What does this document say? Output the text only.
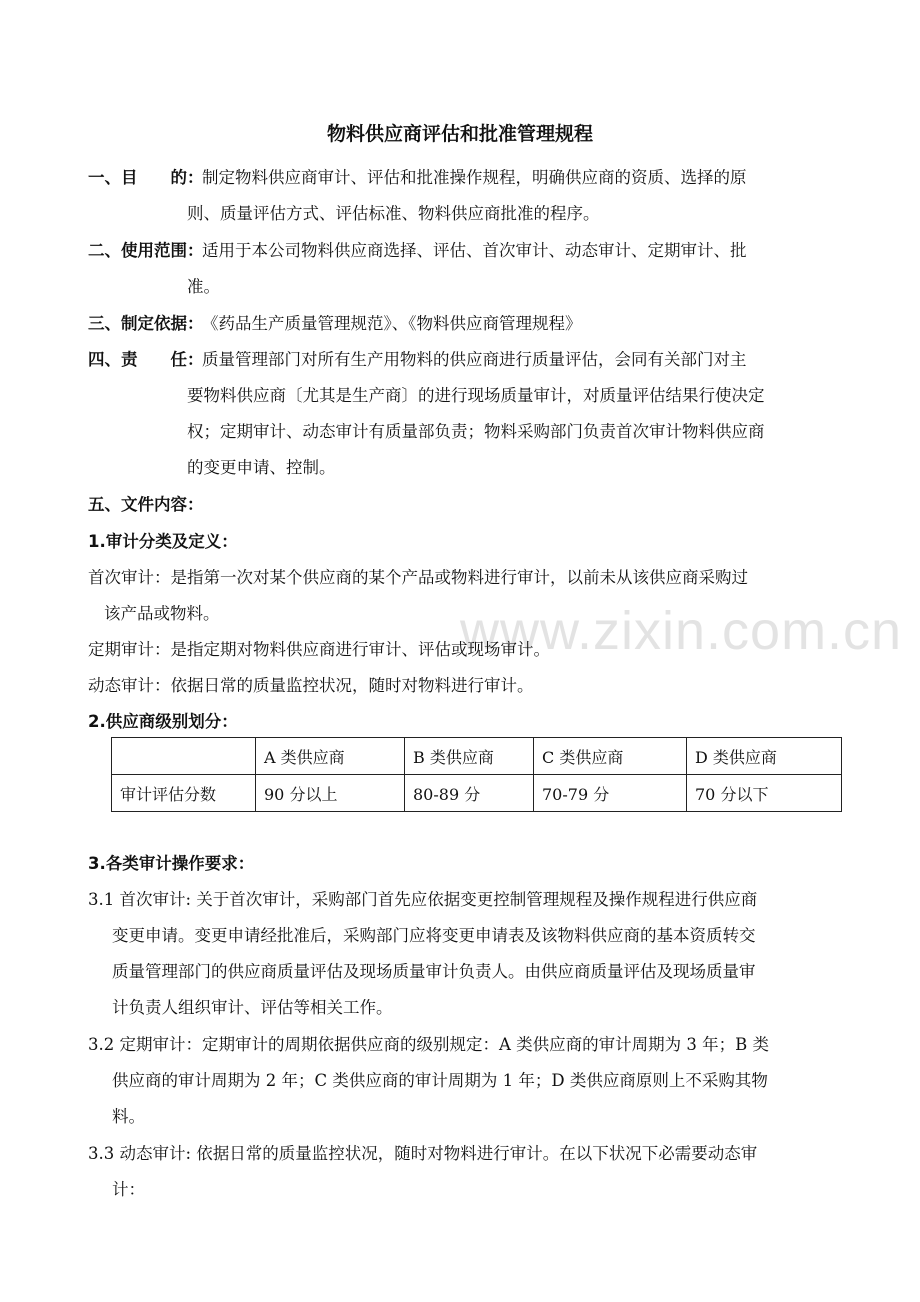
www.zixin.com.cn
物料供应商评估和批准管理规程
一、目　　的：
制定物料供应商审计、评估和批准操作规程，明确供应商的资质、选择的原
则、质量评估方式、评估标准、物料供应商批准的程序。
二、使用范围：
适用于本公司物料供应商选择、评估、首次审计、动态审计、定期审计、批
准。
三、制定依据：
《药品生产质量管理规范》、《物料供应商管理规程》
四、责　　任：
质量管理部门对所有生产用物料的供应商进行质量评估，会同有关部门对主
要物料供应商〔尤其是生产商〕的进行现场质量审计，对质量评估结果行使决定
权；定期审计、动态审计有质量部负责；物料采购部门负责首次审计物料供应商
的变更申请、控制。
五、文件内容：
1.审计分类及定义：
首次审计：是指第一次对某个供应商的某个产品或物料进行审计，以前未从该供应商采购过
该产品或物料。
定期审计：是指定期对物料供应商进行审计、评估或现场审计。
动态审计：依据日常的质量监控状况，随时对物料进行审计。
2.供应商级别划分：
	A 类供应商	B 类供应商	C 类供应商	D 类供应商
审计评估分数	90 分以上	80-89 分	70-79 分	70 分以下
3.各类审计操作要求：
3.1 首次审计: 关于首次审计，采购部门首先应依据变更控制管理规程及操作规程进行供应商
变更申请。变更申请经批准后，采购部门应将变更申请表及该物料供应商的基本资质转交
质量管理部门的供应商质量评估及现场质量审计负责人。由供应商质量评估及现场质量审
计负责人组织审计、评估等相关工作。
3.2 定期审计：定期审计的周期依据供应商的级别规定：A 类供应商的审计周期为 3 年；B 类
供应商的审计周期为 2 年；C 类供应商的审计周期为 1 年；D 类供应商原则上不采购其物
料。
3.3 动态审计: 依据日常的质量监控状况，随时对物料进行审计。在以下状况下必需要动态审
计：
